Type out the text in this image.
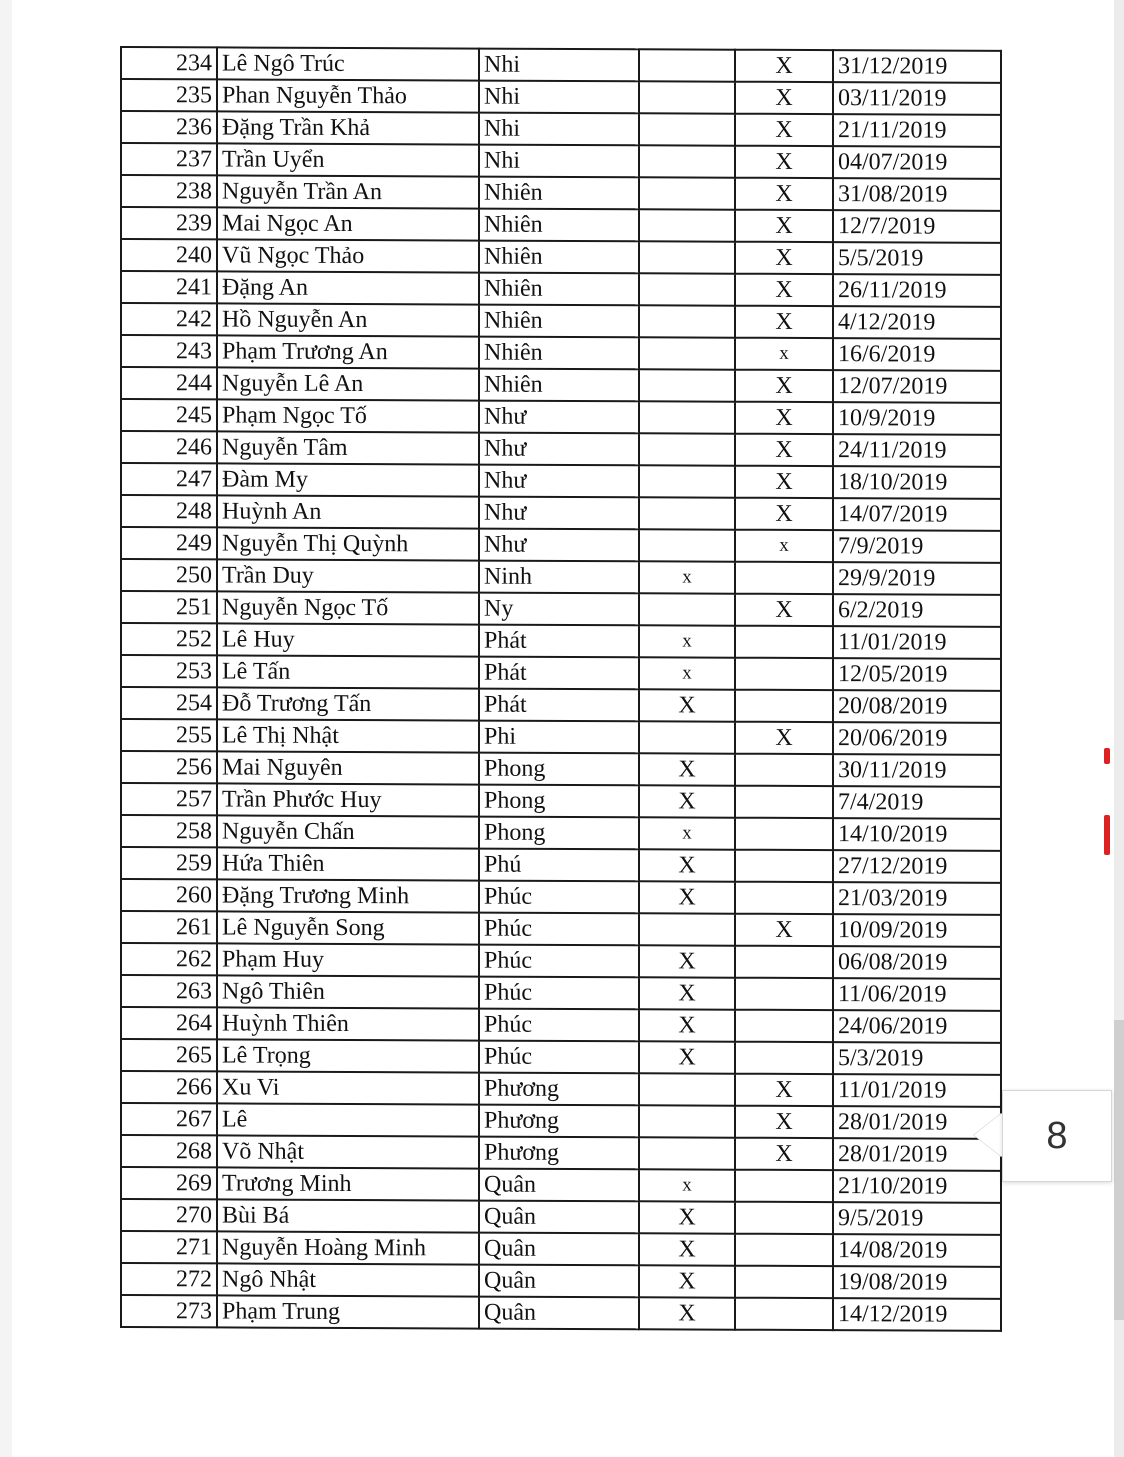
234	Lê Ngô Trúc	Nhi		X	31/12/2019
235	Phan Nguyễn Thảo	Nhi		X	03/11/2019
236	Đặng Trần Khả	Nhi		X	21/11/2019
237	Trần Uyển	Nhi		X	04/07/2019
238	Nguyễn Trần An	Nhiên		X	31/08/2019
239	Mai Ngọc An	Nhiên		X	12/7/2019
240	Vũ Ngọc Thảo	Nhiên		X	5/5/2019
241	Đặng An	Nhiên		X	26/11/2019
242	Hồ Nguyễn An	Nhiên		X	4/12/2019
243	Phạm Trương An	Nhiên		x	16/6/2019
244	Nguyễn Lê An	Nhiên		X	12/07/2019
245	Phạm Ngọc Tố	Như		X	10/9/2019
246	Nguyễn Tâm	Như		X	24/11/2019
247	Đàm My	Như		X	18/10/2019
248	Huỳnh An	Như		X	14/07/2019
249	Nguyễn Thị Quỳnh	Như		x	7/9/2019
250	Trần Duy	Ninh	x		29/9/2019
251	Nguyễn Ngọc Tố	Ny		X	6/2/2019
252	Lê Huy	Phát	x		11/01/2019
253	Lê Tấn	Phát	x		12/05/2019
254	Đỗ Trương Tấn	Phát	X		20/08/2019
255	Lê Thị Nhật	Phi		X	20/06/2019
256	Mai Nguyên	Phong	X		30/11/2019
257	Trần Phước Huy	Phong	X		7/4/2019
258	Nguyễn Chấn	Phong	x		14/10/2019
259	Hứa Thiên	Phú	X		27/12/2019
260	Đặng Trương Minh	Phúc	X		21/03/2019
261	Lê Nguyễn Song	Phúc		X	10/09/2019
262	Phạm Huy	Phúc	X		06/08/2019
263	Ngô Thiên	Phúc	X		11/06/2019
264	Huỳnh Thiên	Phúc	X		24/06/2019
265	Lê Trọng	Phúc	X		5/3/2019
266	Xu Vi	Phương		X	11/01/2019
267	Lê	Phương		X	28/01/2019
268	Võ Nhật	Phương		X	28/01/2019
269	Trương Minh	Quân	x		21/10/2019
270	Bùi Bá	Quân	X		9/5/2019
271	Nguyễn Hoàng Minh	Quân	X		14/08/2019
272	Ngô Nhật	Quân	X		19/08/2019
273	Phạm Trung	Quân	X		14/12/2019
8
